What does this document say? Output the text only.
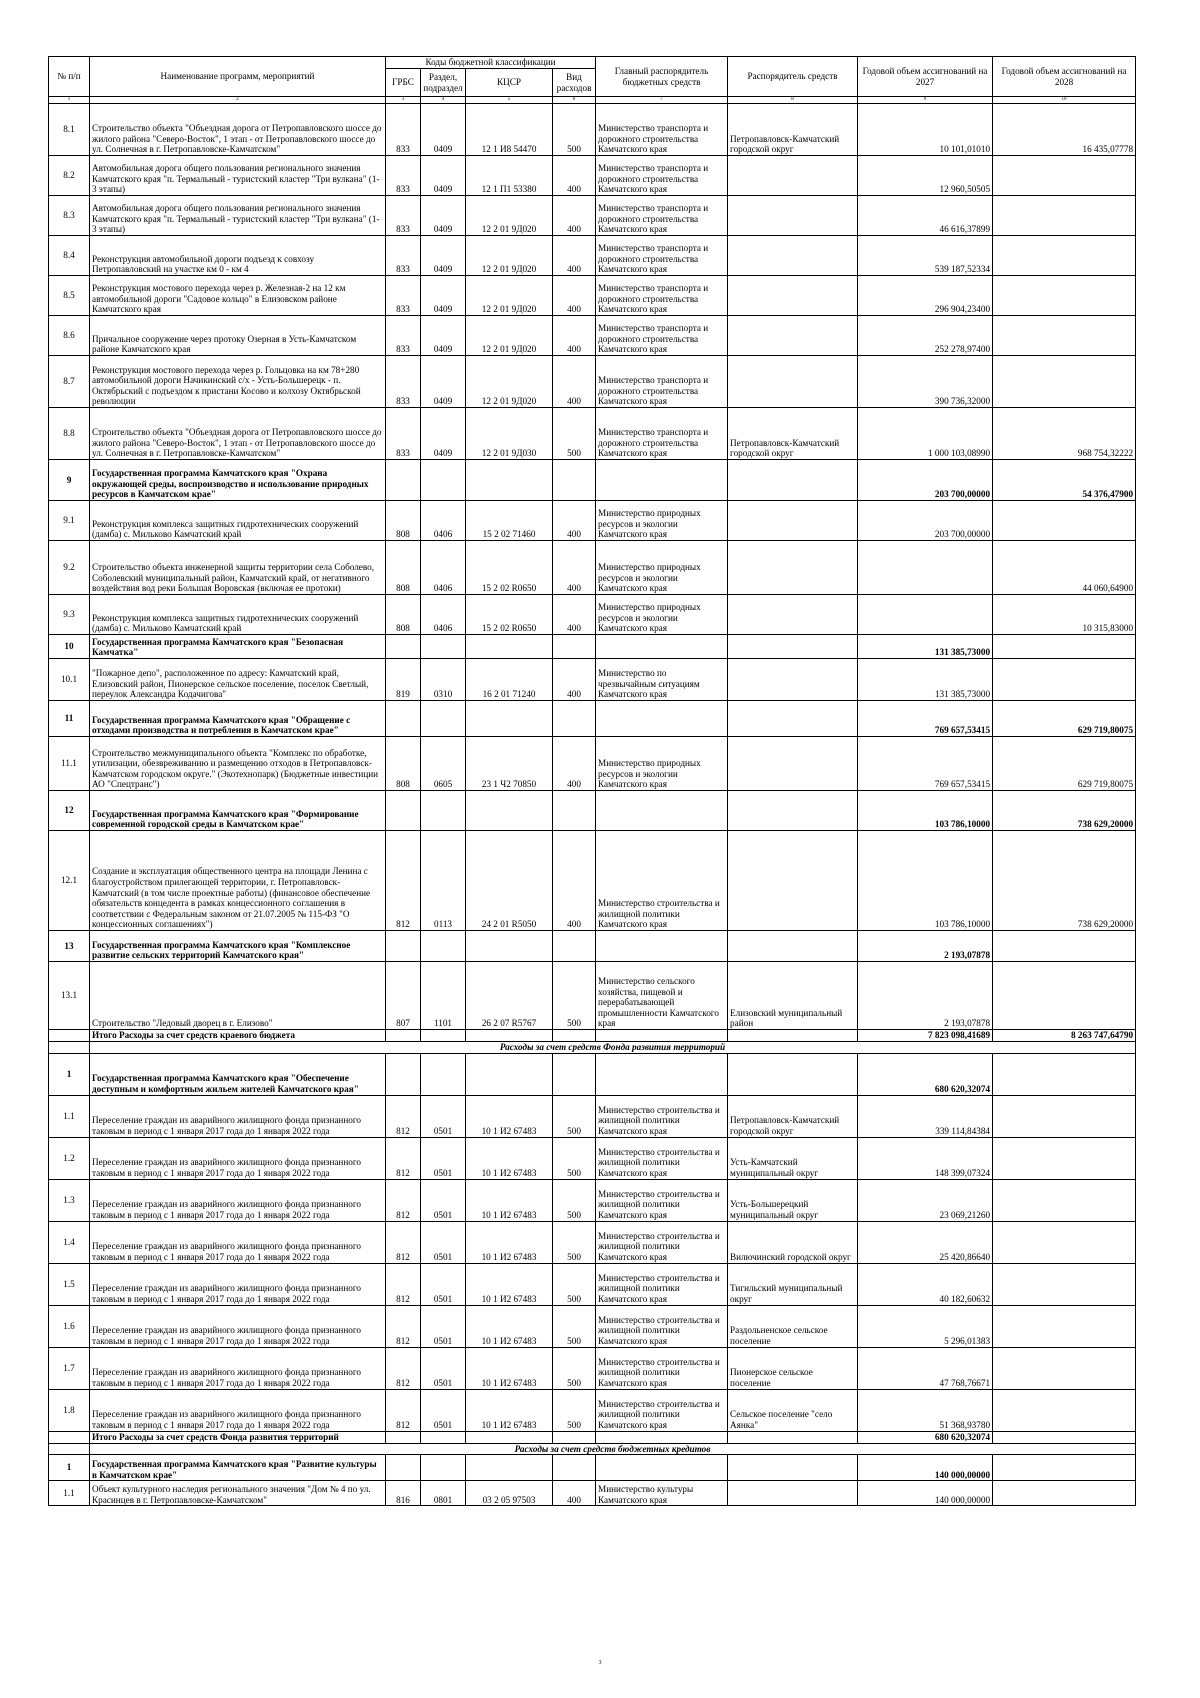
№ п/п	Наименование программ, мероприятий	Коды бюджетной классификации				Главный распорядитель бюджетных средств	Распорядитель средств	Годовой объем ассигнований на 2027	Годовой объем ассигнований на 2028
		ГРБС	Раздел, подраздел	КЦСР	Вид расходов				
1	2	3	4	5	6	7	8	9	10
8.1	Строительство объекта "Объездная дорога от Петропавловского шоссе до жилого района "Северо-Восток", 1 этап - от Петропавловского шоссе до ул. Солнечная в г. Петропавловске-Камчатском"	833	0409	12 1 И8 54470	500	Министерство транспорта и дорожного строительства Камчатского края	Петропавловск-Камчатский городской округ	10 101,01010	16 435,07778
8.2	Автомобильная дорога общего пользования регионального значения Камчатского края "п. Термальный - туристский кластер "Три вулкана" (1-3 этапы)	833	0409	12 1 П1 53380	400	Министерство транспорта и дорожного строительства Камчатского края		12 960,50505	
8.3	Автомобильная дорога общего пользования регионального значения Камчатского края "п. Термальный - туристский кластер "Три вулкана" (1-3 этапы)	833	0409	12 2 01 9Д020	400	Министерство транспорта и дорожного строительства Камчатского края		46 616,37899	
8.4	Реконструкция автомобильной дороги подъезд к совхозу Петропавловский на участке км 0 - км 4	833	0409	12 2 01 9Д020	400	Министерство транспорта и дорожного строительства Камчатского края		539 187,52334	
8.5	Реконструкция мостового перехода через р. Железная-2 на 12 км автомобильной дороги "Садовое кольцо" в Елизовском районе Камчатского края	833	0409	12 2 01 9Д020	400	Министерство транспорта и дорожного строительства Камчатского края		296 904,23400	
8.6	Причальное сооружение через протоку Озерная в Усть-Камчатском районе Камчатского края	833	0409	12 2 01 9Д020	400	Министерство транспорта и дорожного строительства Камчатского края		252 278,97400	
8.7	Реконструкция мостового перехода через р. Гольцовка на км 78+280 автомобильной дороги Начикинский с/х - Усть-Большерецк - п. Октябрьский с подъездом к пристани Косово и колхозу Октябрьской революции	833	0409	12 2 01 9Д020	400	Министерство транспорта и дорожного строительства Камчатского края		390 736,32000	
8.8	Строительство объекта "Объездная дорога от Петропавловского шоссе до жилого района "Северо-Восток", 1 этап - от Петропавловского шоссе до ул. Солнечная в г. Петропавловске-Камчатском"	833	0409	12 2 01 9Д030	500	Министерство транспорта и дорожного строительства Камчатского края	Петропавловск-Камчатский городской округ	1 000 103,08990	968 754,32222
9	Государственная программа Камчатского края "Охрана окружающей среды, воспроизводство и использование природных ресурсов в Камчатском крае"							203 700,00000	54 376,47900
9.1	Реконструкция комплекса защитных гидротехнических сооружений (дамба) с. Мильково Камчатский край	808	0406	15 2 02 71460	400	Министерство природных ресурсов и экологии Камчатского края		203 700,00000	
9.2	Строительство объекта инженерной защиты территории села Соболево, Соболевский муниципальный район, Камчатский край, от негативного воздействия вод реки Большая Воровская (включая ее протоки)	808	0406	15 2 02 R0650	400	Министерство природных ресурсов и экологии Камчатского края			44 060,64900
9.3	Реконструкция комплекса защитных гидротехнических сооружений (дамба) с. Мильково Камчатский край	808	0406	15 2 02 R0650	400	Министерство природных ресурсов и экологии Камчатского края			10 315,83000
10	Государственная программа Камчатского края "Безопасная Камчатка"							131 385,73000	
10.1	"Пожарное депо", расположенное по адресу: Камчатский край, Елизовский район, Пионерское сельское поселение, поселок Светлый, переулок Александра Кодачигова"	819	0310	16 2 01 71240	400	Министерство по чрезвычайным ситуациям Камчатского края		131 385,73000	
11	Государственная программа Камчатского края "Обращение с отходами производства и потребления в Камчатском крае"							769 657,53415	629 719,80075
11.1	Строительство межмуниципального объекта "Комплекс по обработке, утилизации, обезвреживанию и размещению отходов в Петропавловск-Камчатском городском округе." (Экотехнопарк) (Бюджетные инвестиции АО "Спецтранс")	808	0605	23 1 Ч2 70850	400	Министерство природных ресурсов и экологии Камчатского края		769 657,53415	629 719,80075
12	Государственная программа Камчатского края "Формирование современной городской среды в Камчатском крае"							103 786,10000	738 629,20000
12.1	Создание и эксплуатация общественного центра на площади Ленина с благоустройством прилегающей территории, г. Петропавловск-Камчатский (в том числе проектные работы) (финансовое обеспечение обязательств концедента в рамках концессионного соглашения в соответствии с Федеральным законом от 21.07.2005 № 115-ФЗ "О концессионных соглашениях")	812	0113	24 2 01 R5050	400	Министерство строительства и жилищной политики Камчатского края		103 786,10000	738 629,20000
13	Государственная программа Камчатского края "Комплексное развитие сельских территорий Камчатского края"							2 193,07878	
13.1	Строительство "Ледовый дворец в г. Елизово"	807	1101	26 2 07 R5767	500	Министерство сельского хозяйства, пищевой и перерабатывающей промышленности Камчатского края	Елизовский муниципальный район	2 193,07878	
	Итого Расходы за счет средств краевого бюджета							7 823 098,41689	8 263 747,64790
	Расходы за счет средств Фонда развития территорий								
1	Государственная программа Камчатского края "Обеспечение доступным и комфортным жильем жителей Камчатского края"							680 620,32074	
1.1	Переселение граждан из аварийного жилищного фонда признанного таковым в период с 1 января 2017 года до 1 января 2022 года	812	0501	10 1 И2 67483	500	Министерство строительства и жилищной политики Камчатского края	Петропавловск-Камчатский городской округ	339 114,84384	
1.2	Переселение граждан из аварийного жилищного фонда признанного таковым в период с 1 января 2017 года до 1 января 2022 года	812	0501	10 1 И2 67483	500	Министерство строительства и жилищной политики Камчатского края	Усть-Камчатский муниципальный округ	148 399,07324	
1.3	Переселение граждан из аварийного жилищного фонда признанного таковым в период с 1 января 2017 года до 1 января 2022 года	812	0501	10 1 И2 67483	500	Министерство строительства и жилищной политики Камчатского края	Усть-Большерецкий муниципальный округ	23 069,21260	
1.4	Переселение граждан из аварийного жилищного фонда признанного таковым в период с 1 января 2017 года до 1 января 2022 года	812	0501	10 1 И2 67483	500	Министерство строительства и жилищной политики Камчатского края	Вилючинский городской округ	25 420,86640	
1.5	Переселение граждан из аварийного жилищного фонда признанного таковым в период с 1 января 2017 года до 1 января 2022 года	812	0501	10 1 И2 67483	500	Министерство строительства и жилищной политики Камчатского края	Тигильский муниципальный округ	40 182,60632	
1.6	Переселение граждан из аварийного жилищного фонда признанного таковым в период с 1 января 2017 года до 1 января 2022 года	812	0501	10 1 И2 67483	500	Министерство строительства и жилищной политики Камчатского края	Раздольненское сельское поселение	5 296,01383	
1.7	Переселение граждан из аварийного жилищного фонда признанного таковым в период с 1 января 2017 года до 1 января 2022 года	812	0501	10 1 И2 67483	500	Министерство строительства и жилищной политики Камчатского края	Пионерское сельское поселение	47 768,76671	
1.8	Переселение граждан из аварийного жилищного фонда признанного таковым в период с 1 января 2017 года до 1 января 2022 года	812	0501	10 1 И2 67483	500	Министерство строительства и жилищной политики Камчатского края	Сельское поселение "село Аянка"	51 368,93780	
	Итого Расходы за счет средств Фонда развития территорий							680 620,32074	
	Расходы за счет средств бюджетных кредитов								
1	Государственная программа Камчатского края "Развитие культуры в Камчатском крае"							140 000,00000	
1.1	Объект культурного наследия регионального значения "Дом № 4 по ул. Красинцев в г. Петропавловске-Камчатском"	816	0801	03 2 05 97503	400	Министерство культуры Камчатского края		140 000,00000	
3
